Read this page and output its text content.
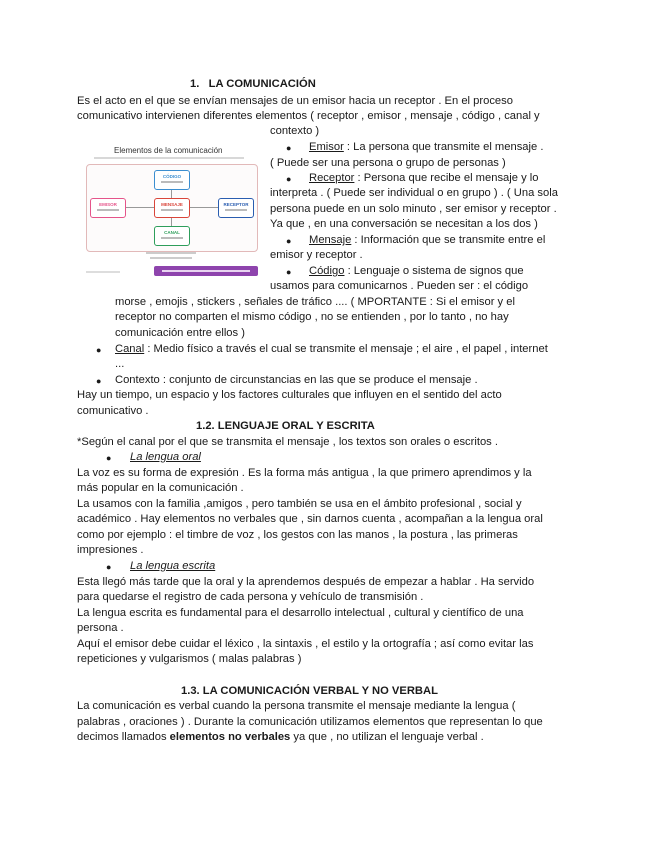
1. LA COMUNICACIÓN
Es el acto en el que se envían mensajes de un emisor hacia un receptor . En el proceso
comunicativo intervienen diferentes elementos ( receptor , emisor , mensaje , código , canal y
contexto )
Elementos de la comunicación
CÓDIGO
EMISOR	MENSAJE	RECEPTOR
CANAL
● Emisor : La persona que transmite el mensaje .
( Puede ser una persona o grupo de personas )
● Receptor : Persona que recibe el mensaje y lo
interpreta . ( Puede ser individual o en grupo ) . ( Una sola
persona puede en un solo minuto , ser emisor y receptor .
Ya que , en una conversación se necesitan a los dos )
● Mensaje : Información que se transmite entre el
emisor y receptor .
● Código : Lenguaje o sistema de signos que
usamos para comunicarnos . Pueden ser : el código
morse , emojis , stickers , señales de tráfico .... ( MPORTANTE : Si el emisor y el
receptor no comparten el mismo código , no se entienden , por lo tanto , no hay
comunicación entre ellos )
● Canal : Medio físico a través el cual se transmite el mensaje ; el aire , el papel , internet
...
● Contexto : conjunto de circunstancias en las que se produce el mensaje .
Hay un tiempo, un espacio y los factores culturales que influyen en el sentido del acto
comunicativo .
1.2. LENGUAJE ORAL Y ESCRITA
*Según el canal por el que se transmita el mensaje , los textos son orales o escritos .
● La lengua oral
La voz es su forma de expresión . Es la forma más antigua , la que primero aprendimos y la
más popular en la comunicación .
La usamos con la familia ,amigos , pero también se usa en el ámbito profesional , social y
académico . Hay elementos no verbales que , sin darnos cuenta , acompañan a la lengua oral
como por ejemplo : el timbre de voz , los gestos con las manos , la postura , las primeras
impresiones .
● La lengua escrita
Esta llegó más tarde que la oral y la aprendemos después de empezar a hablar . Ha servido
para quedarse el registro de cada persona y vehículo de transmisión .
La lengua escrita es fundamental para el desarrollo intelectual , cultural y científico de una
persona .
Aquí el emisor debe cuidar el léxico , la sintaxis , el estilo y la ortografía ; así como evitar las
repeticiones y vulgarismos ( malas palabras )
1.3. LA COMUNICACIÓN VERBAL Y NO VERBAL
La comunicación es verbal cuando la persona transmite el mensaje mediante la lengua (
palabras , oraciones ) . Durante la comunicación utilizamos elementos que representan lo que
decimos llamados elementos no verbales ya que , no utilizan el lenguaje verbal .
